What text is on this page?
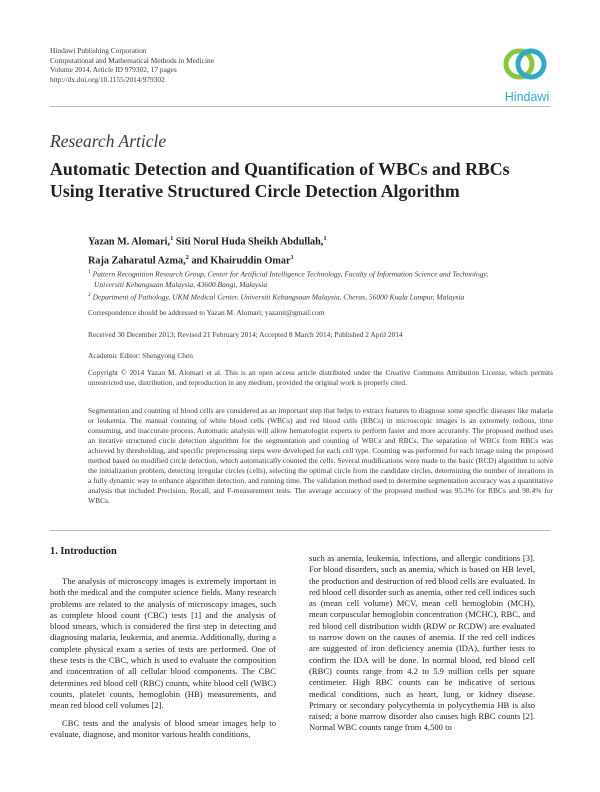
Hindawi Publishing Corporation
Computational and Mathematical Methods in Medicine
Volume 2014, Article ID 979302, 17 pages
http://dx.doi.org/10.1155/2014/979302
Hindawi
Research Article
Automatic Detection and Quantification of WBCs and RBCs
Using Iterative Structured Circle Detection Algorithm
Yazan M. Alomari,$^1$ Siti Norul Huda Sheikh Abdullah,$^1$
Raja Zaharatul Azma,$^2$ and Khairuddin Omar$^1$
$^1$ Pattern Recognition Research Group, Center for Artificial Intelligence Technology, Faculty of Information Science and Technology,
Universiti Kebangsaan Malaysia, 43600 Bangi, Malaysia
$^2$ Department of Pathology, UKM Medical Center, Universiti Kebangsaan Malaysia, Cheras, 56000 Kuala Lumpur, Malaysia
Correspondence should be addressed to Yazan M. Alomari; yazanit@gmail.com
Received 30 December 2013; Revised 21 February 2014; Accepted 8 March 2014; Published 2 April 2014
Academic Editor: Shengyong Chen
Copyright © 2014 Yazan M. Alomari et al. This is an open access article distributed under the Creative Commons Attribution License, which permits unrestricted use, distribution, and reproduction in any medium, provided the original work is properly cited.
Segmentation and counting of blood cells are considered as an important step that helps to extract features to diagnose some specific diseases like malaria or leukemia. The manual counting of white blood cells (WBCs) and red blood cells (RBCs) in microscopic images is an extremely tedious, time consuming, and inaccurate process. Automatic analysis will allow hematologist experts to perform faster and more accurately. The proposed method uses an iterative structured circle detection algorithm for the segmentation and counting of WBCs and RBCs. The separation of WBCs from RBCs was achieved by thresholding, and specific preprocessing steps were developed for each cell type. Counting was performed for each image using the proposed method based on modified circle detection, which automatically counted the cells. Several modifications were made to the basic (RCD) algorithm to solve the initialization problem, detecting irregular circles (cells), selecting the optimal circle from the candidate circles, determining the number of iterations in a fully dynamic way to enhance algorithm detection, and running time. The validation method used to determine segmentation accuracy was a quantitative analysis that included Precision, Recall, and F-measurement tests. The average accuracy of the proposed method was 95.3% for RBCs and 98.4% for WBCs.
1. Introduction
The analysis of microscopy images is extremely important in both the medical and the computer science fields. Many research problems are related to the analysis of microscopy images, such as complete blood count (CBC) tests [1] and the analysis of blood smears, which is considered the first step in detecting and diagnosing malaria, leukemia, and anemia. Additionally, during a complete physical exam a series of tests are performed. One of these tests is the CBC, which is used to evaluate the composition and concentration of all cellular blood components. The CBC determines red blood cell (RBC) counts, white blood cell (WBC) counts, platelet counts, hemoglobin (HB) measurements, and mean red blood cell volumes [2].
CBC tests and the analysis of blood smear images help to evaluate, diagnose, and monitor various health conditions,
such as anemia, leukemia, infections, and allergic conditions [3]. For blood disorders, such as anemia, which is based on HB level, the production and destruction of red blood cells are evaluated. In red blood cell disorder such as anemia, other red cell indices such as (mean cell volume) MCV, mean cell hemoglobin (MCH), mean corpuscular hemoglobin concentration (MCHC), RBC, and red blood cell distribution width (RDW or RCDW) are evaluated to narrow down on the causes of anemia. If the red cell indices are suggested of iron deficiency anemia (IDA), further tests to confirm the IDA will be done. In normal blood, red blood cell (RBC) counts range from 4.2 to 5.9 million cells per square centimeter. High RBC counts can be indicative of serious medical conditions, such as heart, lung, or kidney disease. Primary or secondary polycythemia in polycythemia HB is also raised; a bone marrow disorder also causes high RBC counts [2]. Normal WBC counts range from 4,500 to
